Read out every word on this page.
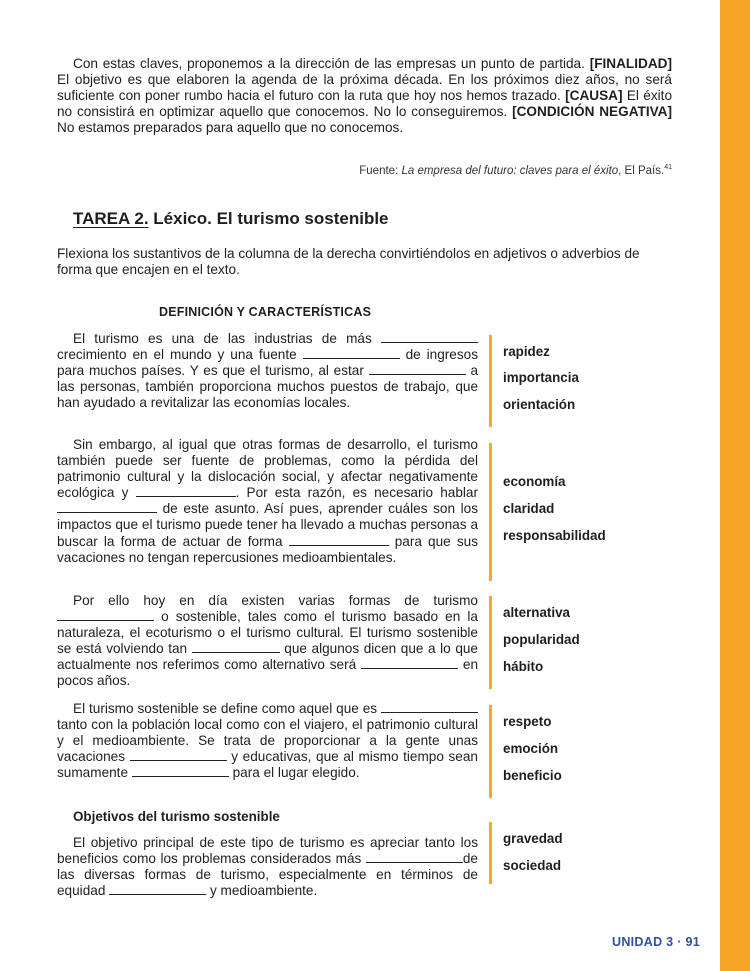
Con estas claves, proponemos a la dirección de las empresas un punto de partida. [FINALIDAD] El objetivo es que elaboren la agenda de la próxima década. En los próximos diez años, no será suficiente con poner rumbo hacia el futuro con la ruta que hoy nos hemos trazado. [CAUSA] El éxito no consistirá en optimizar aquello que conocemos. No lo conseguiremos. [CONDICIÓN NEGATIVA] No estamos preparados para aquello que no conocemos.

Fuente: La empresa del futuro: claves para el éxito, El País.$^{41}$
TAREA 2. Léxico. El turismo sostenible

Flexiona los sustantivos de la columna de la derecha convirtiéndolos en adjetivos o adverbios de forma que encajen en el texto.

DEFINICIÓN Y CARACTERÍSTICAS

El turismo es una de las industrias de más  crecimiento en el mundo y una fuente	de ingresos para muchos países. Y es que el turismo, al estar	a las personas, también proporciona muchos puestos de trabajo, que han ayudado a revitalizar las economías locales.

rapidez
importancia
orientación

Sin embargo, al igual que otras formas de desarrollo, el turismo también puede ser fuente de problemas, como la pérdida del patrimonio cultural y la dislocación social, y afectar negativamente ecológica y	. Por esta razón, es necesario hablar  de este asunto. Así pues, aprender cuáles son los impactos que el turismo puede tener ha llevado a muchas personas a buscar la forma de actuar de forma	para que sus vacaciones no tengan repercusiones medioambientales.

economía
claridad
responsabilidad

Por ello hoy en día existen varias formas de turismo  o sostenible, tales como el turismo basado en la naturaleza, el ecoturismo o el turismo cultural. El turismo sostenible se está volviendo tan	que algunos dicen que a lo que actualmente nos referimos como alternativo será	en pocos años.

alternativa
popularidad
hábito

El turismo sostenible se define como aquel que es tanto con la población local como con el viajero, el patrimonio cultural y el medioambiente. Se trata de proporcionar a la gente unas vacaciones	y educativas, que al mismo tiempo sean sumamente	para el lugar elegido.

respeto
emoción
beneficio
Objetivos del turismo sostenible

El objetivo principal de este tipo de turismo es apreciar tanto los beneficios como los problemas considerados más	de las diversas formas de turismo, especialmente en términos de equidad	y medioambiente.

gravedad
sociedad
UNIDAD 3 · 91
